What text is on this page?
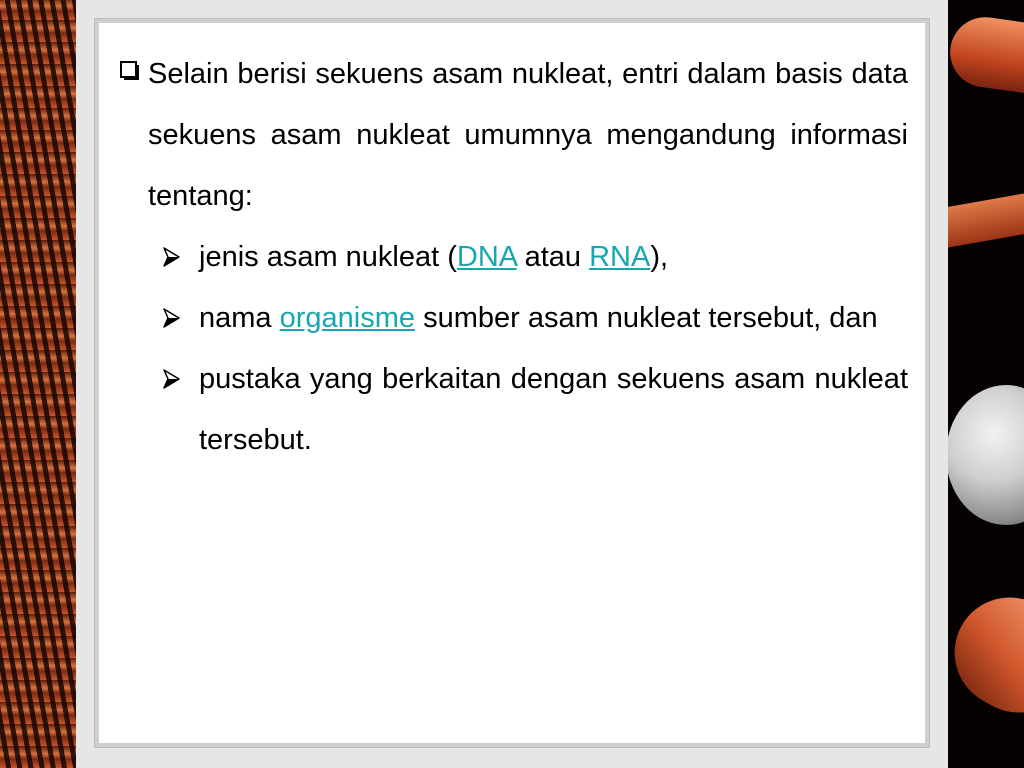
Selain berisi sekuens asam nukleat, entri dalam basis data sekuens asam nukleat umumnya mengandung informasi tentang:
jenis asam nukleat (DNA atau RNA),
nama organisme sumber asam nukleat tersebut, dan
pustaka yang berkaitan dengan sekuens asam nukleat tersebut.
